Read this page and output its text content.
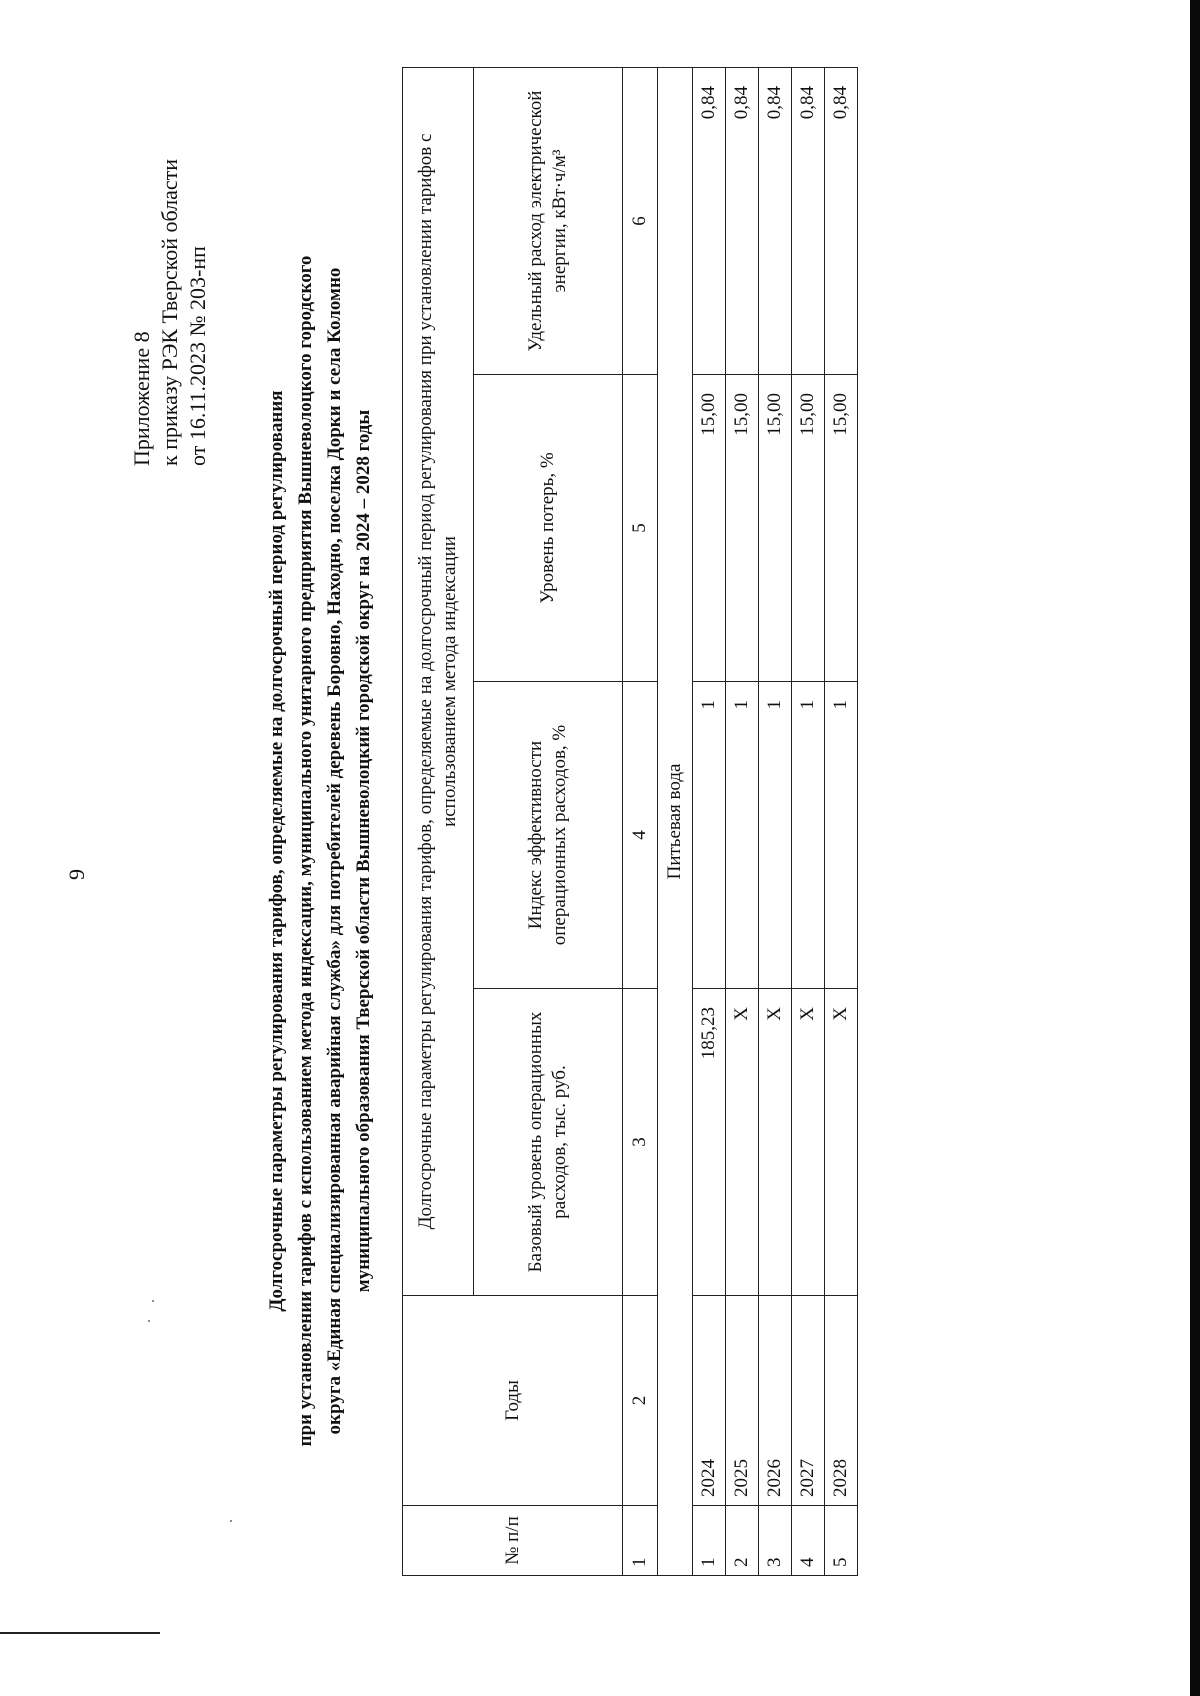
9
Приложение 8 к приказу РЭК Тверской области от 16.11.2023 № 203-нп
Долгосрочные параметры регулирования тарифов, определяемые на долгосрочный период регулирования при установлении тарифов с использованием метода индексации, муниципального унитарного предприятия Вышневолоцкого городского округа «Единая специализированная аварийная служба» для потребителей деревень Боровно, Находно, поселка Дорки и села Коломно муниципального образования Тверской области Вышневолоцкий городской округ на 2024 – 2028 годы
№ п/п	Годы	Долгосрочные параметры регулирования тарифов, определяемые на долгосрочный период регулирования при установлении тарифов с использованием метода индексации			
		Базовый уровень операционных расходов, тыс. руб.	Индекс эффективности операционных расходов, %	Уровень потерь, %	Удельный расход электрической энергии, кВт·ч/м³
1	2	3	4	5	6
Питьевая вода					
1	2024	185,23	1	15,00	0,84
2	2025	Х	1	15,00	0,84
3	2026	Х	1	15,00	0,84
4	2027	Х	1	15,00	0,84
5	2028	Х	1	15,00	0,84
